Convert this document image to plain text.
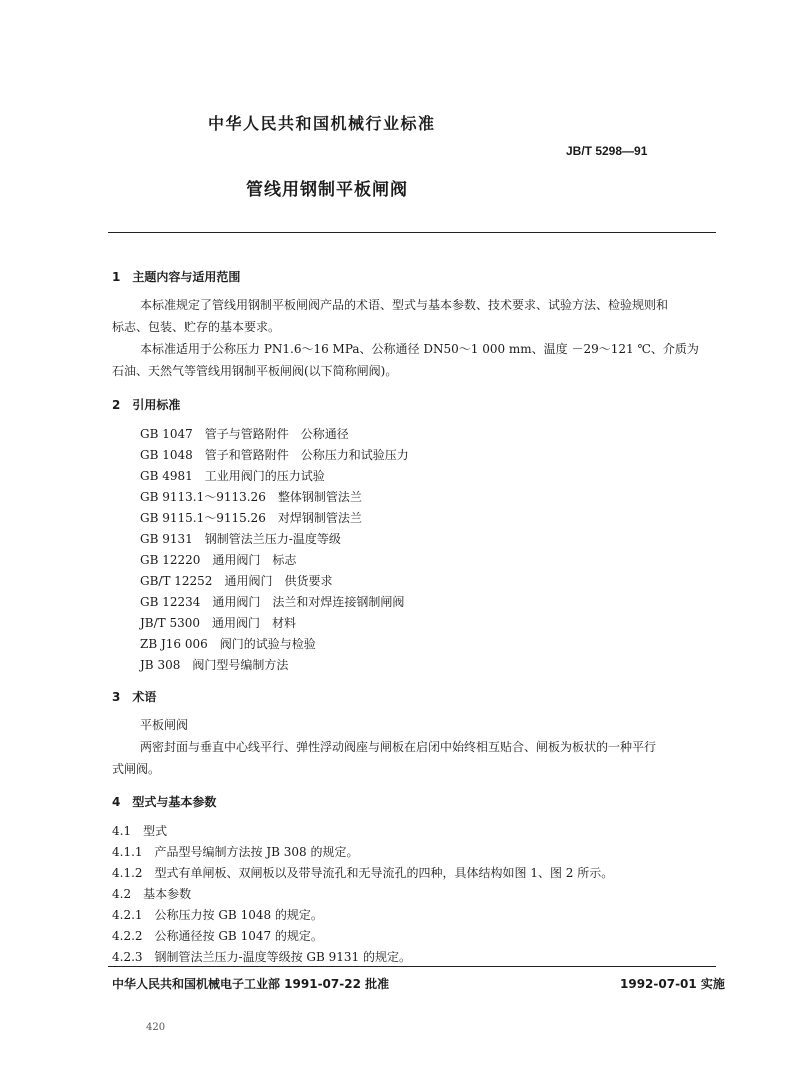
中华人民共和国机械行业标准
JB/T 5298—91
管线用钢制平板闸阀
1　主题内容与适用范围
本标准规定了管线用钢制平板闸阀产品的术语、型式与基本参数、技术要求、试验方法、检验规则和
标志、包装、贮存的基本要求。
本标准适用于公称压力 PN1.6～16 MPa、公称通径 DN50～1 000 mm、温度 －29～121 ℃、介质为
石油、天然气等管线用钢制平板闸阀(以下简称闸阀)。
2　引用标准
GB 1047　管子与管路附件　公称通径
GB 1048　管子和管路附件　公称压力和试验压力
GB 4981　工业用阀门的压力试验
GB 9113.1～9113.26　整体钢制管法兰
GB 9115.1～9115.26　对焊钢制管法兰
GB 9131　钢制管法兰压力-温度等级
GB 12220　通用阀门　标志
GB/T 12252　通用阀门　供货要求
GB 12234　通用阀门　法兰和对焊连接钢制闸阀
JB/T 5300　通用阀门　材料
ZB J16 006　阀门的试验与检验
JB 308　阀门型号编制方法
3　术语
平板闸阀
两密封面与垂直中心线平行、弹性浮动阀座与闸板在启闭中始终相互贴合、闸板为板状的一种平行
式闸阀。
4　型式与基本参数
4.1　型式
4.1.1　产品型号编制方法按 JB 308 的规定。
4.1.2　型式有单闸板、双闸板以及带导流孔和无导流孔的四种，具体结构如图 1、图 2 所示。
4.2　基本参数
4.2.1　公称压力按 GB 1048 的规定。
4.2.2　公称通径按 GB 1047 的规定。
4.2.3　钢制管法兰压力-温度等级按 GB 9131 的规定。
中华人民共和国机械电子工业部 1991-07-22 批准	1992-07-01 实施
420
